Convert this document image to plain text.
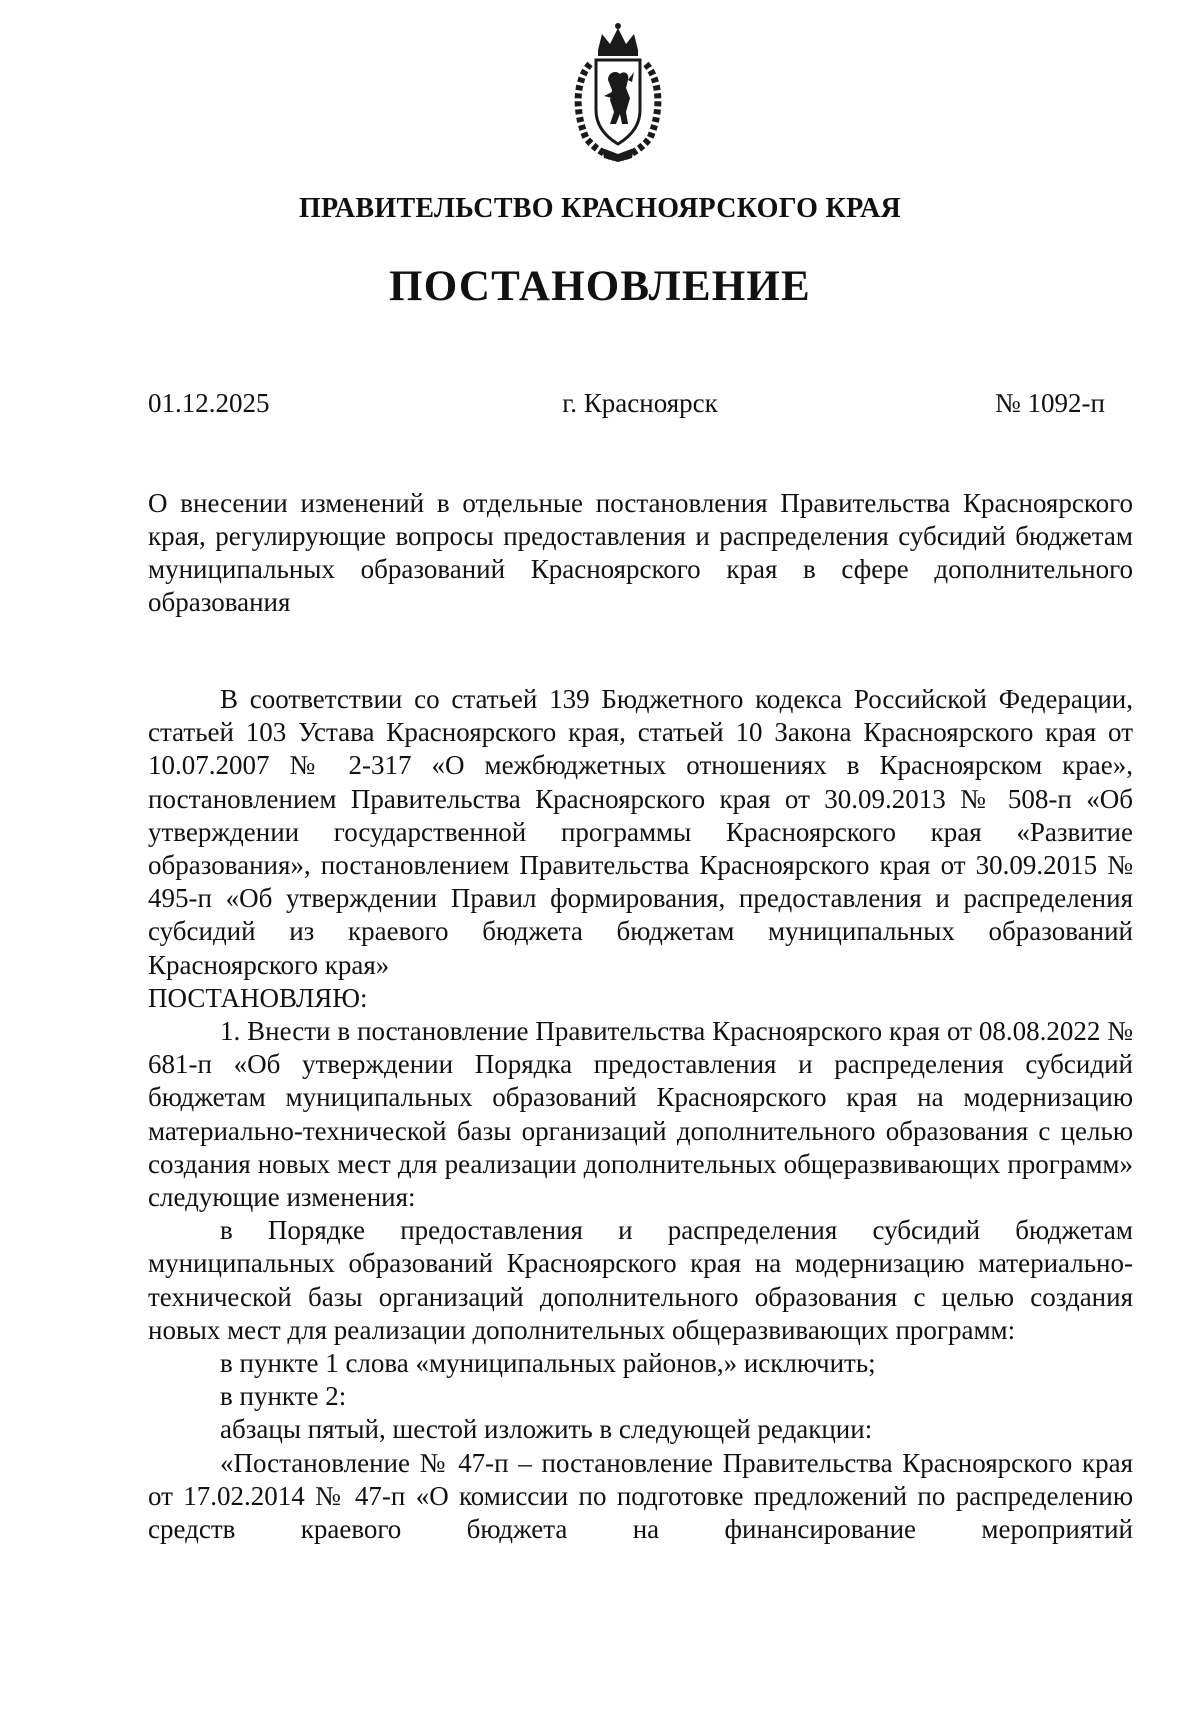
ПРАВИТЕЛЬСТВО КРАСНОЯРСКОГО КРАЯ
ПОСТАНОВЛЕНИЕ
01.12.2025	г. Красноярск	№ 1092-п
О внесении изменений в отдельные постановления Правительства Красноярского края, регулирующие вопросы предоставления и распределения субсидий бюджетам муниципальных образований Красноярского края в сфере дополнительного образования

В соответствии со статьей 139 Бюджетного кодекса Российской Федерации, статьей 103 Устава Красноярского края, статьей 10 Закона Красноярского края от 10.07.2007 № 2-317 «О межбюджетных отношениях в Красноярском крае», постановлением Правительства Красноярского края от 30.09.2013 № 508-п «Об утверждении государственной программы Красноярского края «Развитие образования», постановлением Правительства Красноярского края от 30.09.2015 № 495-п «Об утверждении Правил формирования, предоставления и распределения субсидий из краевого бюджета бюджетам муниципальных образований Красноярского края»

ПОСТАНОВЛЯЮ:

1. Внести в постановление Правительства Красноярского края от 08.08.2022 № 681-п «Об утверждении Порядка предоставления и распределения субсидий бюджетам муниципальных образований Красноярского края на модернизацию материально-технической базы организаций дополнительного образования с целью создания новых мест для реализации дополнительных общеразвивающих программ» следующие изменения:

в Порядке предоставления и распределения субсидий бюджетам муниципальных образований Красноярского края на модернизацию материально-технической базы организаций дополнительного образования с целью создания новых мест для реализации дополнительных общеразвивающих программ:

в пункте 1 слова «муниципальных районов,» исключить;

в пункте 2:

абзацы пятый, шестой изложить в следующей редакции:

«Постановление № 47-п – постановление Правительства Красноярского края от 17.02.2014 № 47-п «О комиссии по подготовке предложений по распределению средств краевого бюджета на финансирование мероприятий
